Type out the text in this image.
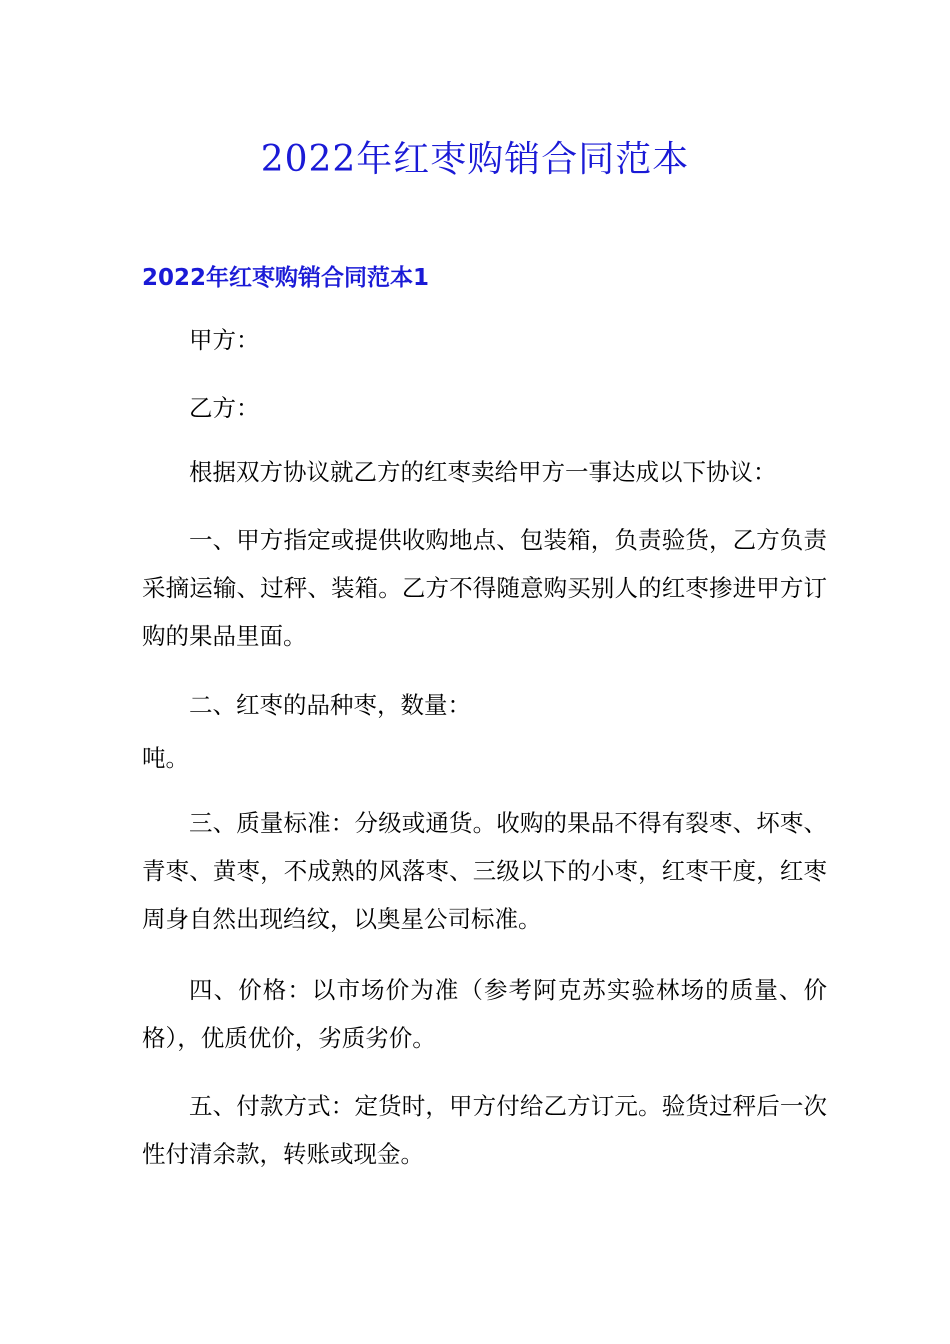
2022年红枣购销合同范本
2022年红枣购销合同范本1

甲方：

乙方：

根据双方协议就乙方的红枣卖给甲方一事达成以下协议：

一、甲方指定或提供收购地点、包装箱，负责验货，乙方负责采摘运输、过秤、装箱。乙方不得随意购买别人的红枣掺进甲方订购的果品里面。

二、红枣的品种枣，数量：

吨。

三、质量标准：分级或通货。收购的果品不得有裂枣、坏枣、青枣、黄枣，不成熟的风落枣、三级以下的小枣，红枣干度，红枣周身自然出现绉纹，以奥星公司标准。

四、价格：以市场价为准（参考阿克苏实验林场的质量、价格），优质优价，劣质劣价。

五、付款方式：定货时，甲方付给乙方订元。验货过秤后一次性付清余款，转账或现金。
